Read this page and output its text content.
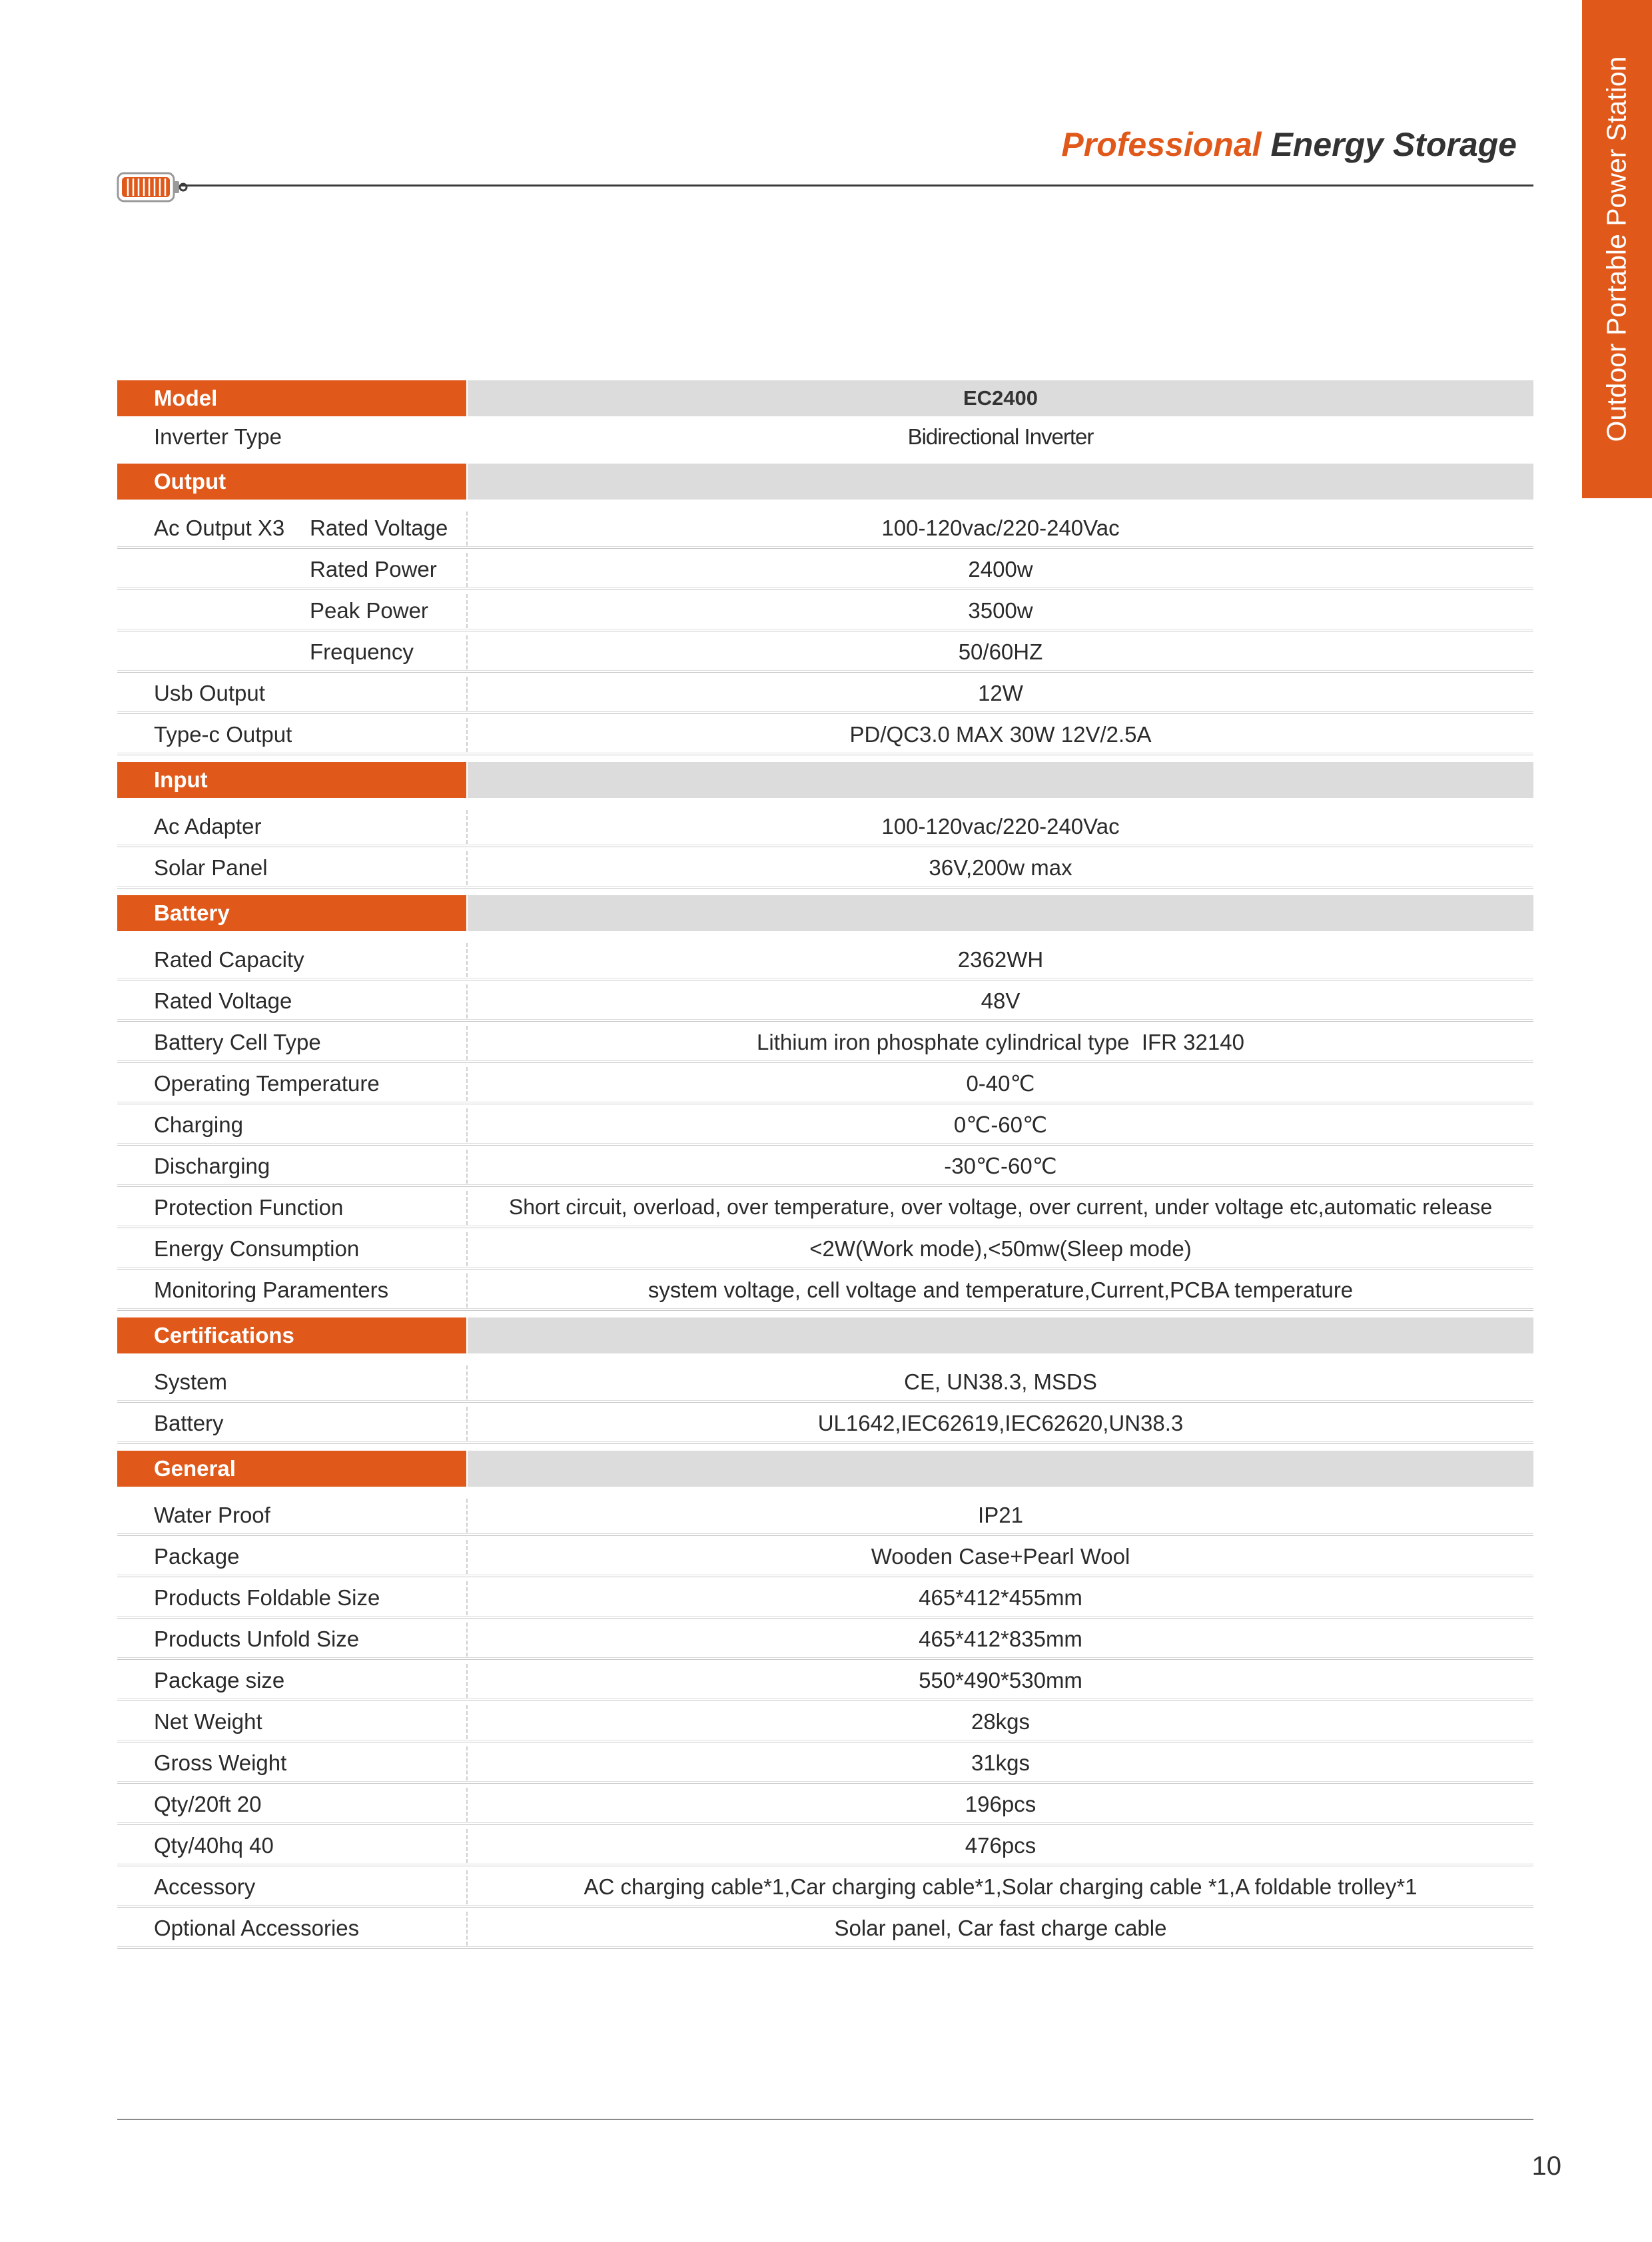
Outdoor Portable Power Station
Professional Energy Storage
Model	EC2400
Inverter Type	Bidirectional Inverter
Output
Ac Output X3 Rated Voltage	100-120vac/220-240Vac
Rated Power	2400w
Peak Power	3500w
Frequency	50/60HZ
Usb Output	12W
Type-c Output	PD/QC3.0 MAX 30W 12V/2.5A
Input
Ac Adapter	100-120vac/220-240Vac
Solar Panel	36V,200w max
Battery
Rated Capacity	2362WH
Rated Voltage	48V
Battery Cell Type	Lithium iron phosphate cylindrical type  IFR 32140
Operating Temperature	0-40℃
Charging	0℃-60℃
Discharging	-30℃-60℃
Protection Function	Short circuit, overload, over temperature, over voltage, over current, under voltage etc,automatic release
Energy Consumption	<2W(Work mode),<50mw(Sleep mode)
Monitoring Paramenters	system voltage, cell voltage and temperature,Current,PCBA temperature
Certifications
System	CE, UN38.3, MSDS
Battery	UL1642,IEC62619,IEC62620,UN38.3
General
Water Proof	IP21
Package	Wooden Case+Pearl Wool
Products Foldable Size	465*412*455mm
Products Unfold Size	465*412*835mm
Package size	550*490*530mm
Net Weight	28kgs
Gross Weight	31kgs
Qty/20ft 20	196pcs
Qty/40hq 40	476pcs
Accessory	AC charging cable*1,Car charging cable*1,Solar charging cable *1,A foldable trolley*1
Optional Accessories	Solar panel, Car fast charge cable
10
